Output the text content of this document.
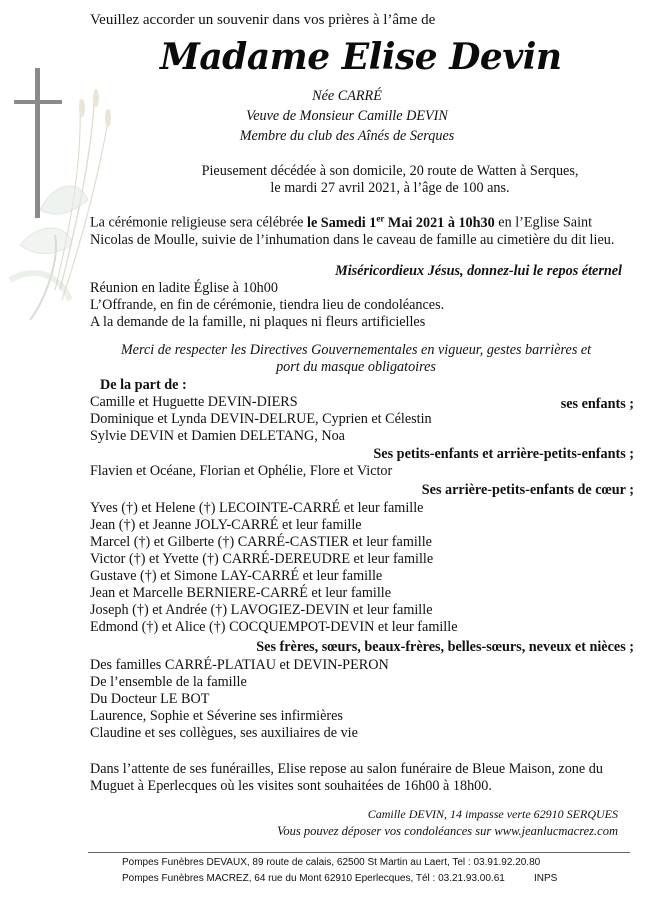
Veuillez accorder un souvenir dans vos prières à l’âme de
Madame Elise Devin
Née CARRÉ
Veuve de Monsieur Camille DEVIN
Membre du club des Aînés de Serques
Pieusement décédée à son domicile, 20 route de Watten à Serques,
le mardi 27 avril 2021, à l’âge de 100 ans.
La cérémonie religieuse sera célébrée le Samedi 1er Mai 2021 à 10h30 en l’Eglise Saint Nicolas de Moulle, suivie de l’inhumation dans le caveau de famille au cimetière du dit lieu.
Miséricordieux Jésus, donnez-lui le repos éternel
Réunion en ladite Église à 10h00
L’Offrande, en fin de cérémonie, tiendra lieu de condoléances.
A la demande de la famille, ni plaques ni fleurs artificielles
Merci de respecter les Directives Gouvernementales en vigueur, gestes barrières et
port du masque obligatoires
De la part de :
Camille et Huguette DEVIN-DIERS	ses enfants ;
Dominique et Lynda DEVIN-DELRUE, Cyprien et Célestin
Sylvie DEVIN et Damien DELETANG, Noa
Ses petits-enfants et arrière-petits-enfants ;
Flavien et Océane, Florian et Ophélie, Flore et Victor
Ses arrière-petits-enfants de cœur ;
Yves (†) et Helene (†) LECOINTE-CARRÉ et leur famille
Jean (†) et Jeanne JOLY-CARRÉ et leur famille
Marcel (†) et Gilberte (†) CARRÉ-CASTIER et leur famille
Victor (†) et Yvette (†) CARRÉ-DEREUDRE et leur famille
Gustave (†) et Simone LAY-CARRÉ et leur famille
Jean et Marcelle BERNIERE-CARRÉ et leur famille
Joseph (†) et Andrée (†) LAVOGIEZ-DEVIN et leur famille
Edmond (†) et Alice (†) COCQUEMPOT-DEVIN et leur famille
Ses frères, sœurs, beaux-frères, belles-sœurs, neveux et nièces ;
Des familles CARRÉ-PLATIAU et DEVIN-PERON
De l’ensemble de la famille
Du Docteur LE BOT
Laurence, Sophie et Séverine ses infirmières
Claudine et ses collègues, ses auxiliaires de vie
Dans l’attente de ses funérailles, Elise repose au salon funéraire de Bleue Maison, zone du Muguet à Eperlecques où les visites sont souhaitées de 16h00 à 18h00.
Camille DEVIN, 14 impasse verte 62910 SERQUES
Vous pouvez déposer vos condoléances sur www.jeanlucmacrez.com
Pompes Funèbres DEVAUX, 89 route de calais, 62500 St Martin au Laert, Tel : 03.91.92.20.80
Pompes Funèbres MACREZ, 64 rue du Mont 62910 Eperlecques, Tél : 03.21.93.00.61	INPS
